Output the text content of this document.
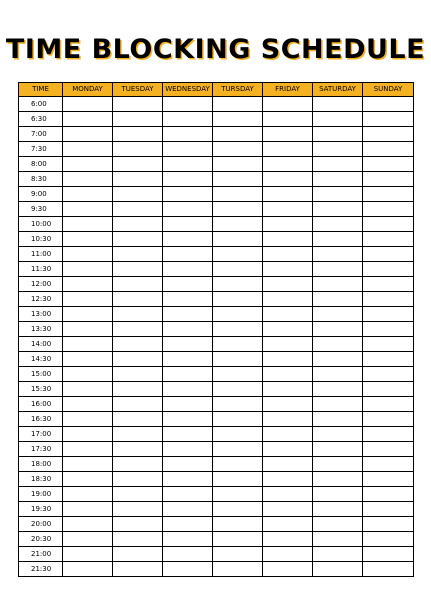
TIME BLOCKING SCHEDULE
TIME	MONDAY	TUESDAY	WEDNESDAY	TURSDAY	FRIDAY	SATURDAY	SUNDAY
6:00							
6:30							
7:00							
7:30							
8:00							
8:30							
9:00							
9:30							
10:00							
10:30							
11:00							
11:30							
12:00							
12:30							
13:00							
13:30							
14:00							
14:30							
15:00							
15:30							
16:00							
16:30							
17:00							
17:30							
18:00							
18:30							
19:00							
19:30							
20:00							
20:30							
21:00							
21:30							
